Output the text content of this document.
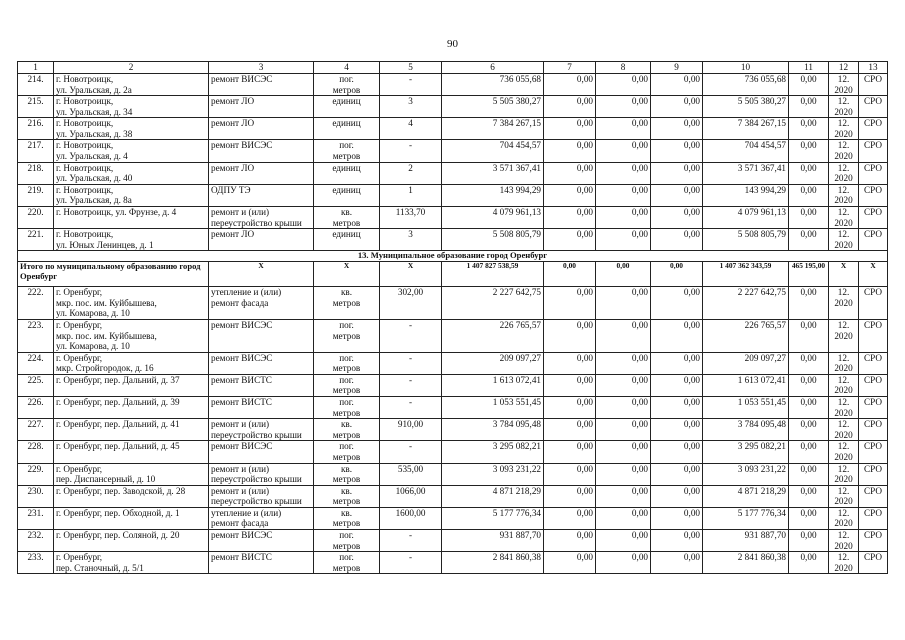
90
1	2	3	4	5	6	7	8	9	10	11	12	13
214.	г. Новотроицк,
ул. Уральская, д. 2а	ремонт ВИСЭС	пог.
метров	-	736 055,68	0,00	0,00	0,00	736 055,68	0,00	12.
2020	СРО
215.	г. Новотроицк,
ул. Уральская, д. 34	ремонт ЛО	единиц	3	5 505 380,27	0,00	0,00	0,00	5 505 380,27	0,00	12.
2020	СРО
216.	г. Новотроицк,
ул. Уральская, д. 38	ремонт ЛО	единиц	4	7 384 267,15	0,00	0,00	0,00	7 384 267,15	0,00	12.
2020	СРО
217.	г. Новотроицк,
ул. Уральская, д. 4	ремонт ВИСЭС	пог.
метров	-	704 454,57	0,00	0,00	0,00	704 454,57	0,00	12.
2020	СРО
218.	г. Новотроицк,
ул. Уральская, д. 40	ремонт ЛО	единиц	2	3 571 367,41	0,00	0,00	0,00	3 571 367,41	0,00	12.
2020	СРО
219.	г. Новотроицк,
ул. Уральская, д. 8а	ОДПУ ТЭ	единиц	1	143 994,29	0,00	0,00	0,00	143 994,29	0,00	12.
2020	СРО
220.	г. Новотроицк, ул. Фрунзе, д. 4	ремонт и (или)
переустройство крыши	кв.
метров	1133,70	4 079 961,13	0,00	0,00	0,00	4 079 961,13	0,00	12.
2020	СРО
221.	г. Новотроицк,
ул. Юных Ленинцев, д. 1	ремонт ЛО	единиц	3	5 508 805,79	0,00	0,00	0,00	5 508 805,79	0,00	12.
2020	СРО
13. Муниципальное образование город Оренбург												
Итого по муниципальному образованию город Оренбург		Х	Х	Х	1 407 827 538,59	0,00	0,00	0,00	1 407 362 343,59	465 195,00	Х	Х
222.	г. Оренбург,
мкр. пос. им. Куйбышева,
ул. Комарова, д. 10	утепление и (или)
ремонт фасада	кв.
метров	302,00	2 227 642,75	0,00	0,00	0,00	2 227 642,75	0,00	12.
2020	СРО
223.	г. Оренбург,
мкр. пос. им. Куйбышева,
ул. Комарова, д. 10	ремонт ВИСЭС	пог.
метров	-	226 765,57	0,00	0,00	0,00	226 765,57	0,00	12.
2020	СРО
224.	г. Оренбург,
мкр. Стройгородок, д. 16	ремонт ВИСЭС	пог.
метров	-	209 097,27	0,00	0,00	0,00	209 097,27	0,00	12.
2020	СРО
225.	г. Оренбург, пер. Дальний, д. 37	ремонт ВИСТС	пог.
метров	-	1 613 072,41	0,00	0,00	0,00	1 613 072,41	0,00	12.
2020	СРО
226.	г. Оренбург, пер. Дальний, д. 39	ремонт ВИСТС	пог.
метров	-	1 053 551,45	0,00	0,00	0,00	1 053 551,45	0,00	12.
2020	СРО
227.	г. Оренбург, пер. Дальний, д. 41	ремонт и (или)
переустройство крыши	кв.
метров	910,00	3 784 095,48	0,00	0,00	0,00	3 784 095,48	0,00	12.
2020	СРО
228.	г. Оренбург, пер. Дальний, д. 45	ремонт ВИСЭС	пог.
метров	-	3 295 082,21	0,00	0,00	0,00	3 295 082,21	0,00	12.
2020	СРО
229.	г. Оренбург,
пер. Диспансерный, д. 10	ремонт и (или)
переустройство крыши	кв.
метров	535,00	3 093 231,22	0,00	0,00	0,00	3 093 231,22	0,00	12.
2020	СРО
230.	г. Оренбург, пер. Заводской, д. 28	ремонт и (или)
переустройство крыши	кв.
метров	1066,00	4 871 218,29	0,00	0,00	0,00	4 871 218,29	0,00	12.
2020	СРО
231.	г. Оренбург, пер. Обходной, д. 1	утепление и (или)
ремонт фасада	кв.
метров	1600,00	5 177 776,34	0,00	0,00	0,00	5 177 776,34	0,00	12.
2020	СРО
232.	г. Оренбург, пер. Соляной, д. 20	ремонт ВИСЭС	пог.
метров	-	931 887,70	0,00	0,00	0,00	931 887,70	0,00	12.
2020	СРО
233.	г. Оренбург,
пер. Станочный, д. 5/1	ремонт ВИСТС	пог.
метров	-	2 841 860,38	0,00	0,00	0,00	2 841 860,38	0,00	12.
2020	СРО
